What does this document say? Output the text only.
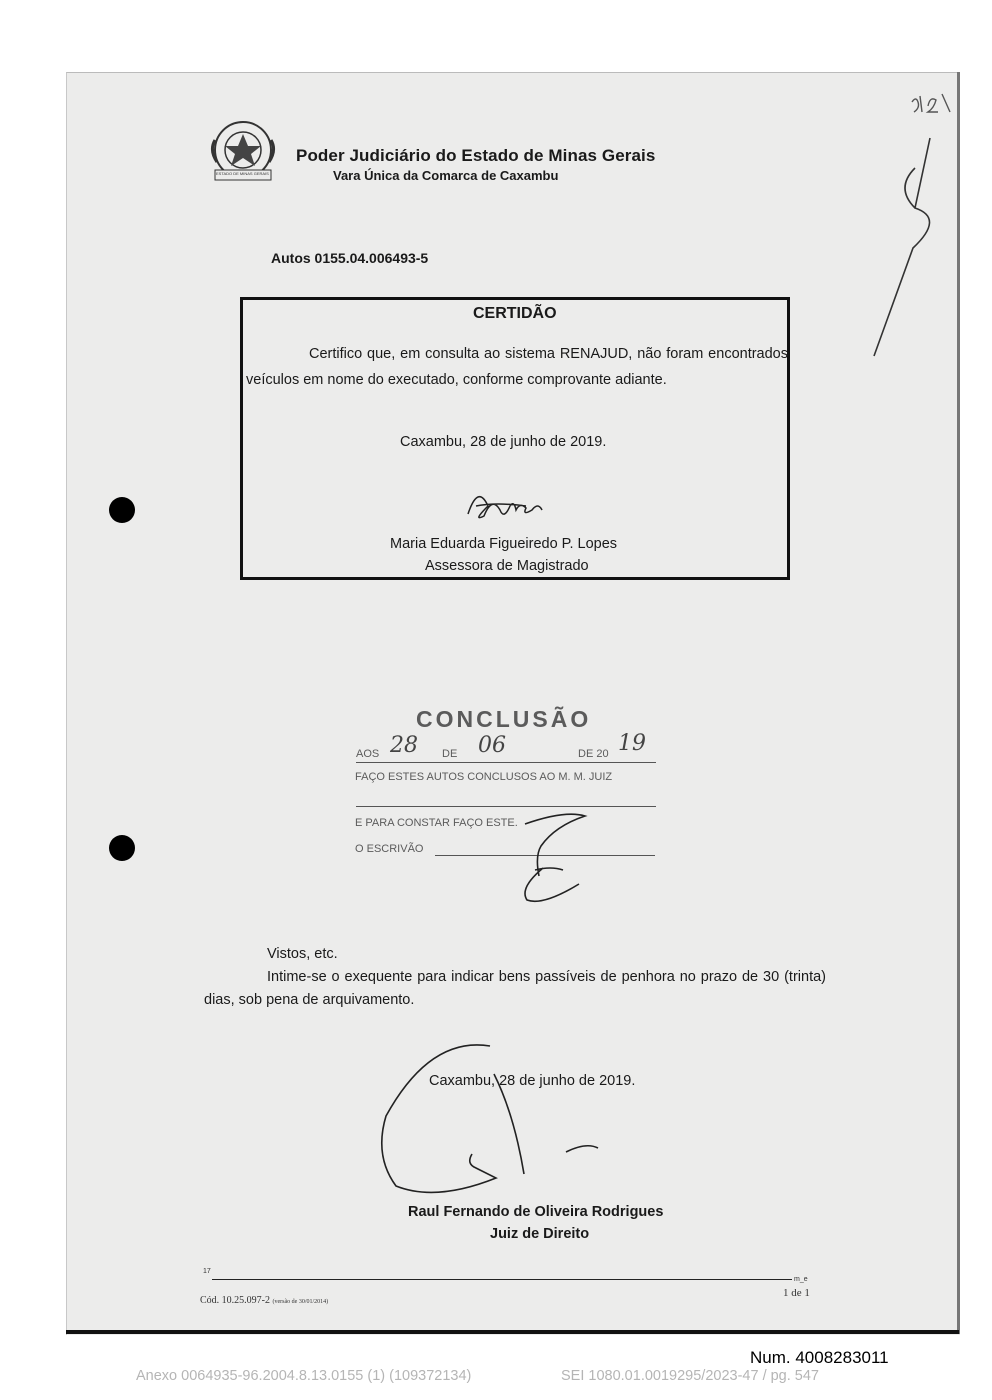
ESTADO DE MINAS GERAIS
Poder Judiciário do Estado de Minas Gerais
Vara Única da Comarca de Caxambu
Autos 0155.04.006493-5
CERTIDÃO
Certifico que, em consulta ao sistema RENAJUD, não foram encontrados veículos em nome do executado, conforme comprovante adiante.
Caxambu, 28 de junho de 2019.
Maria Eduarda Figueiredo P. Lopes
Assessora de Magistrado
CONCLUSÃO
AOS 28 DE 06	DE 20 19
FAÇO ESTES AUTOS CONCLUSOS AO M. M. JUIZ
E PARA CONSTAR FAÇO ESTE.
O ESCRIVÃO
Vistos, etc.
Intime-se o exequente para indicar bens passíveis de penhora no prazo de 30 (trinta) dias, sob pena de arquivamento.
Caxambu, 28 de junho de 2019.
Raul Fernando de Oliveira Rodrigues
Juiz de Direito
17
m_e
Cód. 10.25.097-2 (versão de 30/01/2014)
1 de 1
Num. 4008283011
Anexo 0064935-96.2004.8.13.0155 (1) (109372134)	SEI 1080.01.0019295/2023-47 / pg. 547
